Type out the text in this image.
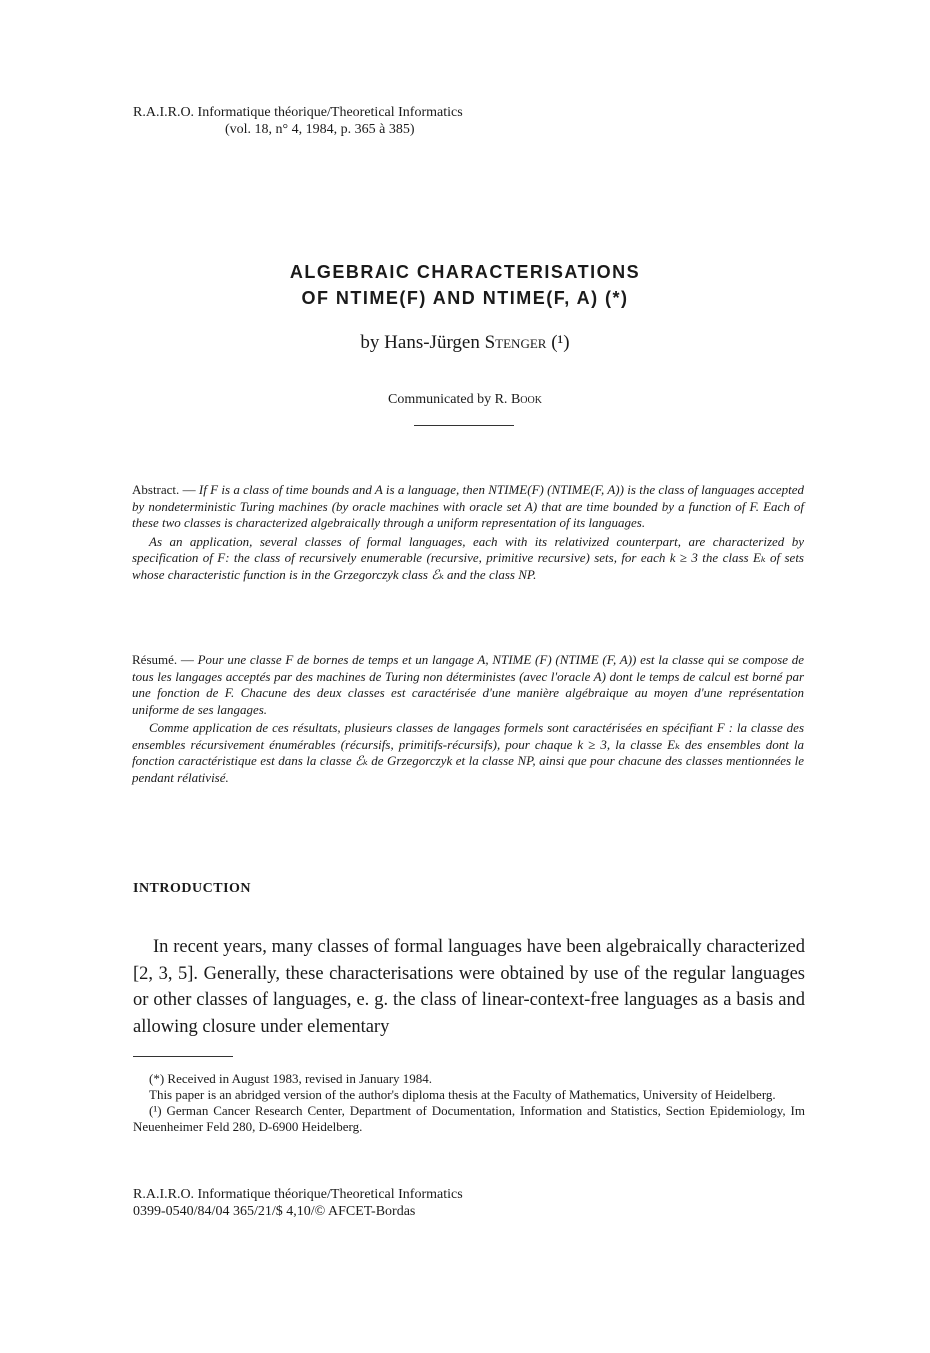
R.A.I.R.O. Informatique théorique/Theoretical Informatics
(vol. 18, n° 4, 1984, p. 365 à 385)
ALGEBRAIC CHARACTERISATIONS
OF NTIME(F) AND NTIME(F, A) (*)
by Hans-Jürgen Stenger (¹)
Communicated by R. Book

Abstract. — If F is a class of time bounds and A is a language, then NTIME(F) (NTIME(F, A)) is the class of languages accepted by nondeterministic Turing machines (by oracle machines with oracle set A) that are time bounded by a function of F. Each of these two classes is characterized algebraically through a uniform representation of its languages.

As an application, several classes of formal languages, each with its relativized counterpart, are characterized by specification of F: the class of recursively enumerable (recursive, primitive recursive) sets, for each k ≥ 3 the class Eₖ of sets whose characteristic function is in the Grzegorczyk class ℰₖ and the class NP.

Résumé. — Pour une classe F de bornes de temps et un langage A, NTIME (F) (NTIME (F, A)) est la classe qui se compose de tous les langages acceptés par des machines de Turing non déterministes (avec l'oracle A) dont le temps de calcul est borné par une fonction de F. Chacune des deux classes est caractérisée d'une manière algébraique au moyen d'une représentation uniforme de ses langages.

Comme application de ces résultats, plusieurs classes de langages formels sont caractérisées en spécifiant F : la classe des ensembles récursivement énumérables (récursifs, primitifs-récursifs), pour chaque k ≥ 3, la classe Eₖ des ensembles dont la fonction caractéristique est dans la classe ℰₖ de Grzegorczyk et la classe NP, ainsi que pour chacune des classes mentionnées le pendant rélativisé.

INTRODUCTION

In recent years, many classes of formal languages have been algebraically characterized [2, 3, 5]. Generally, these characterisations were obtained by use of the regular languages or other classes of languages, e. g. the class of linear-context-free languages as a basis and allowing closure under elementary

(*) Received in August 1983, revised in January 1984.

This paper is an abridged version of the author's diploma thesis at the Faculty of Mathematics, University of Heidelberg.

(¹) German Cancer Research Center, Department of Documentation, Information and Statistics, Section Epidemiology, Im Neuenheimer Feld 280, D-6900 Heidelberg.

R.A.I.R.O. Informatique théorique/Theoretical Informatics
0399-0540/84/04 365/21/$ 4,10/© AFCET-Bordas
